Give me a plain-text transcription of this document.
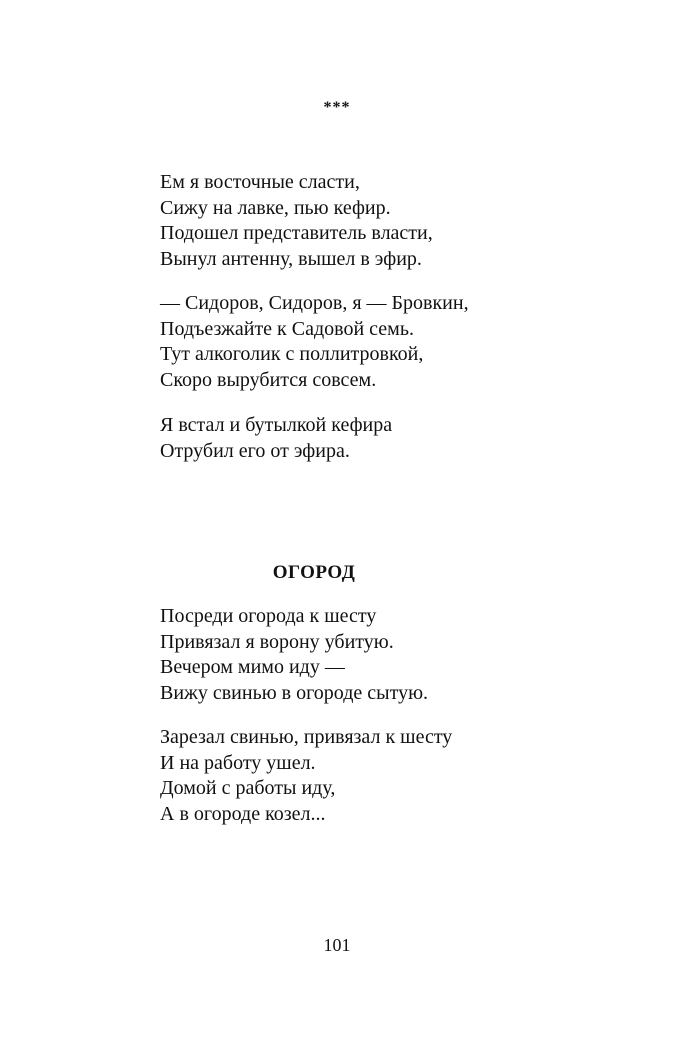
***
Ем я восточные сласти,
Сижу на лавке, пью кефир.
Подошел представитель власти,
Вынул антенну, вышел в эфир.
— Сидоров, Сидоров, я — Бровкин,
Подъезжайте к Садовой семь.
Тут алкоголик с поллитровкой,
Скоро вырубится совсем.
Я встал и бутылкой кефира
Отрубил его от эфира.
ОГОРОД
Посреди огорода к шесту
Привязал я ворону убитую.
Вечером мимо иду —
Вижу свинью в огороде сытую.
Зарезал свинью, привязал к шесту
И на работу ушел.
Домой с работы иду,
А в огороде козел...
101
